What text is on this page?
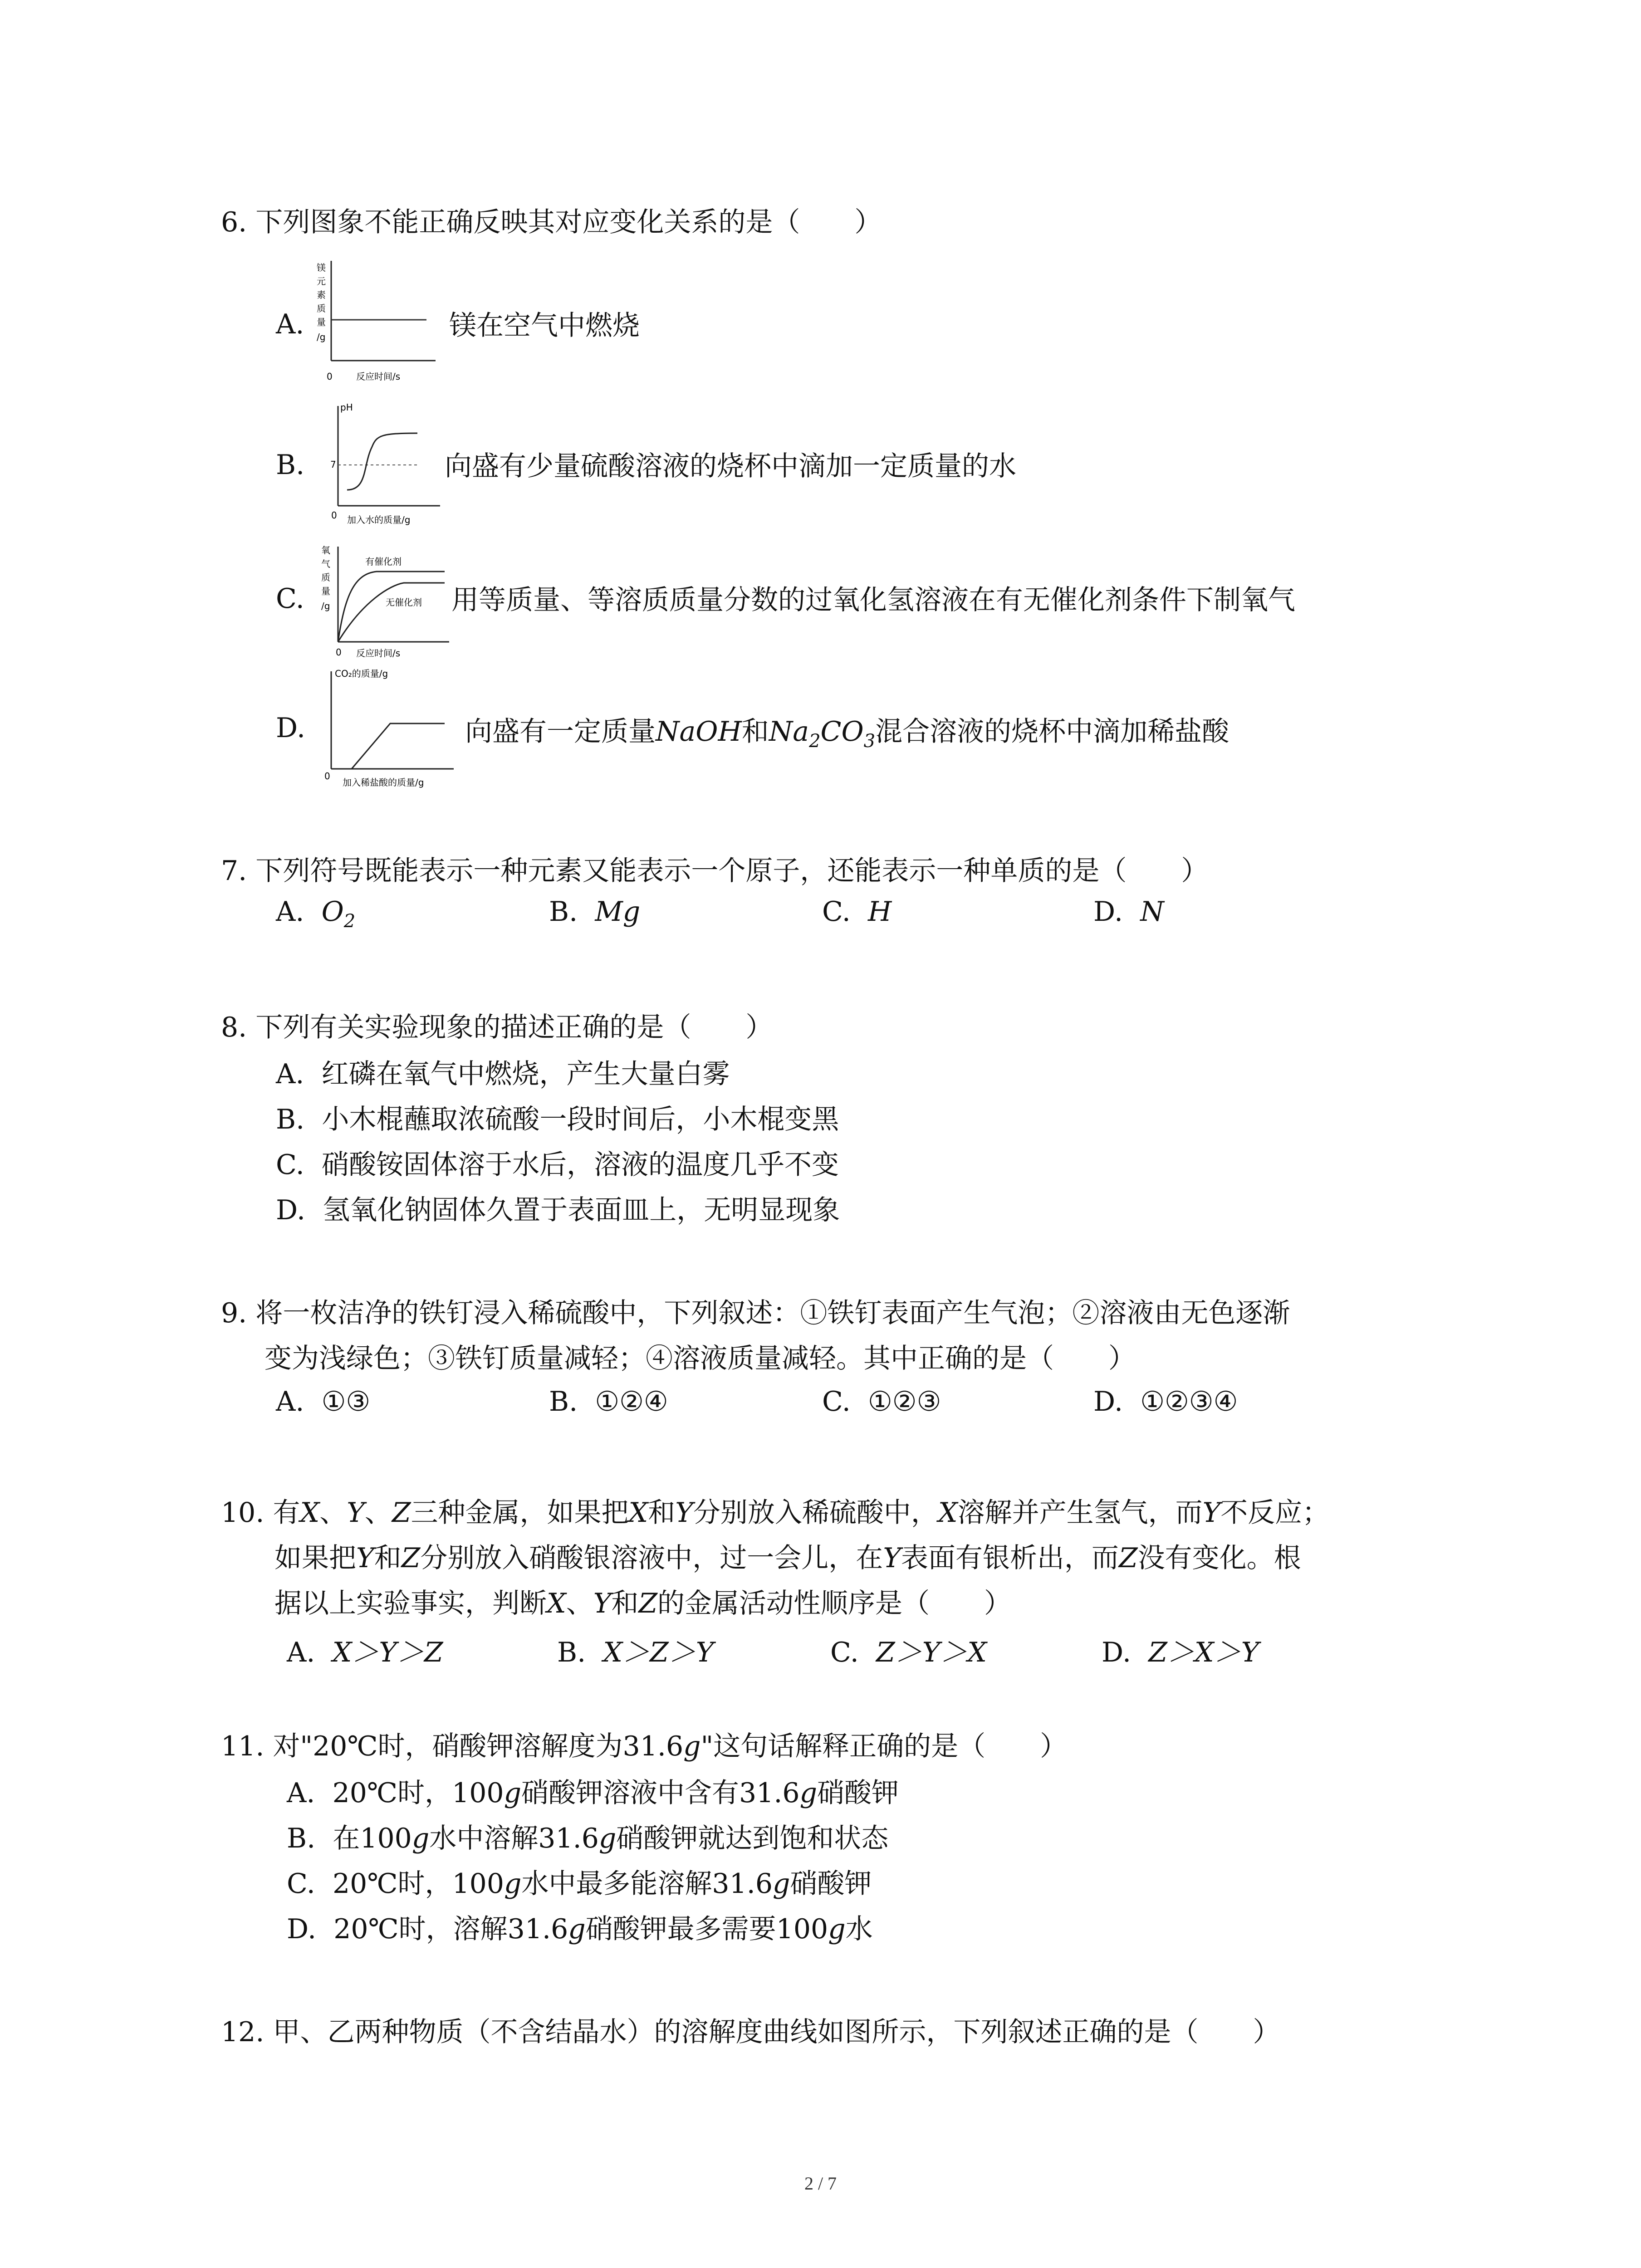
6. 下列图象不能正确反映其对应变化关系的是（　　）
A.
0	反应时间/s
镁
元
素
质
量
/g	镁在空气中燃烧
B.
pH
7
0 加入水的质量/g
向盛有少量硫酸溶液的烧杯中滴加一定质量的水
C.
有催化剂
无催化剂
氧
气
质
量
/g
0 反应时间/s
用等质量、等溶质质量分数的过氧化氢溶液在有无催化剂条件下制氧气
D.
CO₂的质量/g
0
加入稀盐酸的质量/g
向盛有一定质量NaOH和$Na_2CO_3$混合溶液的烧杯中滴加稀盐酸
7. 下列符号既能表示一种元素又能表示一个原子，还能表示一种单质的是（　　）
A. $O_2$	B. Mg	C. H	D. N
8. 下列有关实验现象的描述正确的是（　　）
A. 红磷在氧气中燃烧，产生大量白雾
B. 小木棍蘸取浓硫酸一段时间后，小木棍变黑
C. 硝酸铵固体溶于水后，溶液的温度几乎不变
D. 氢氧化钠固体久置于表面皿上，无明显现象
9. 将一枚洁净的铁钉浸入稀硫酸中，下列叙述：①铁钉表面产生气泡；②溶液由无色逐渐
变为浅绿色；③铁钉质量减轻；④溶液质量减轻。其中正确的是（　　）
A. ①③	B. ①②④	C. ①②③	D. ①②③④
10. 有X、Y、Z三种金属，如果把X和Y分别放入稀硫酸中，X溶解并产生氢气，而Y不反应；
如果把Y和Z分别放入硝酸银溶液中，过一会儿，在Y表面有银析出，而Z没有变化。根
据以上实验事实，判断X、Y和Z的金属活动性顺序是（　　）
A. X＞Y＞Z	B. X＞Z＞Y	C. Z＞Y＞X	D. Z＞X＞Y
11. 对"20℃时，硝酸钾溶解度为31.6g"这句话解释正确的是（　　）
A. 20℃时，100g硝酸钾溶液中含有31.6g硝酸钾
B. 在100g水中溶解31.6g硝酸钾就达到饱和状态
C. 20℃时，100g水中最多能溶解31.6g硝酸钾
D. 20℃时，溶解31.6g硝酸钾最多需要100g水
12. 甲、乙两种物质（不含结晶水）的溶解度曲线如图所示，下列叙述正确的是（　　）
2 / 7
